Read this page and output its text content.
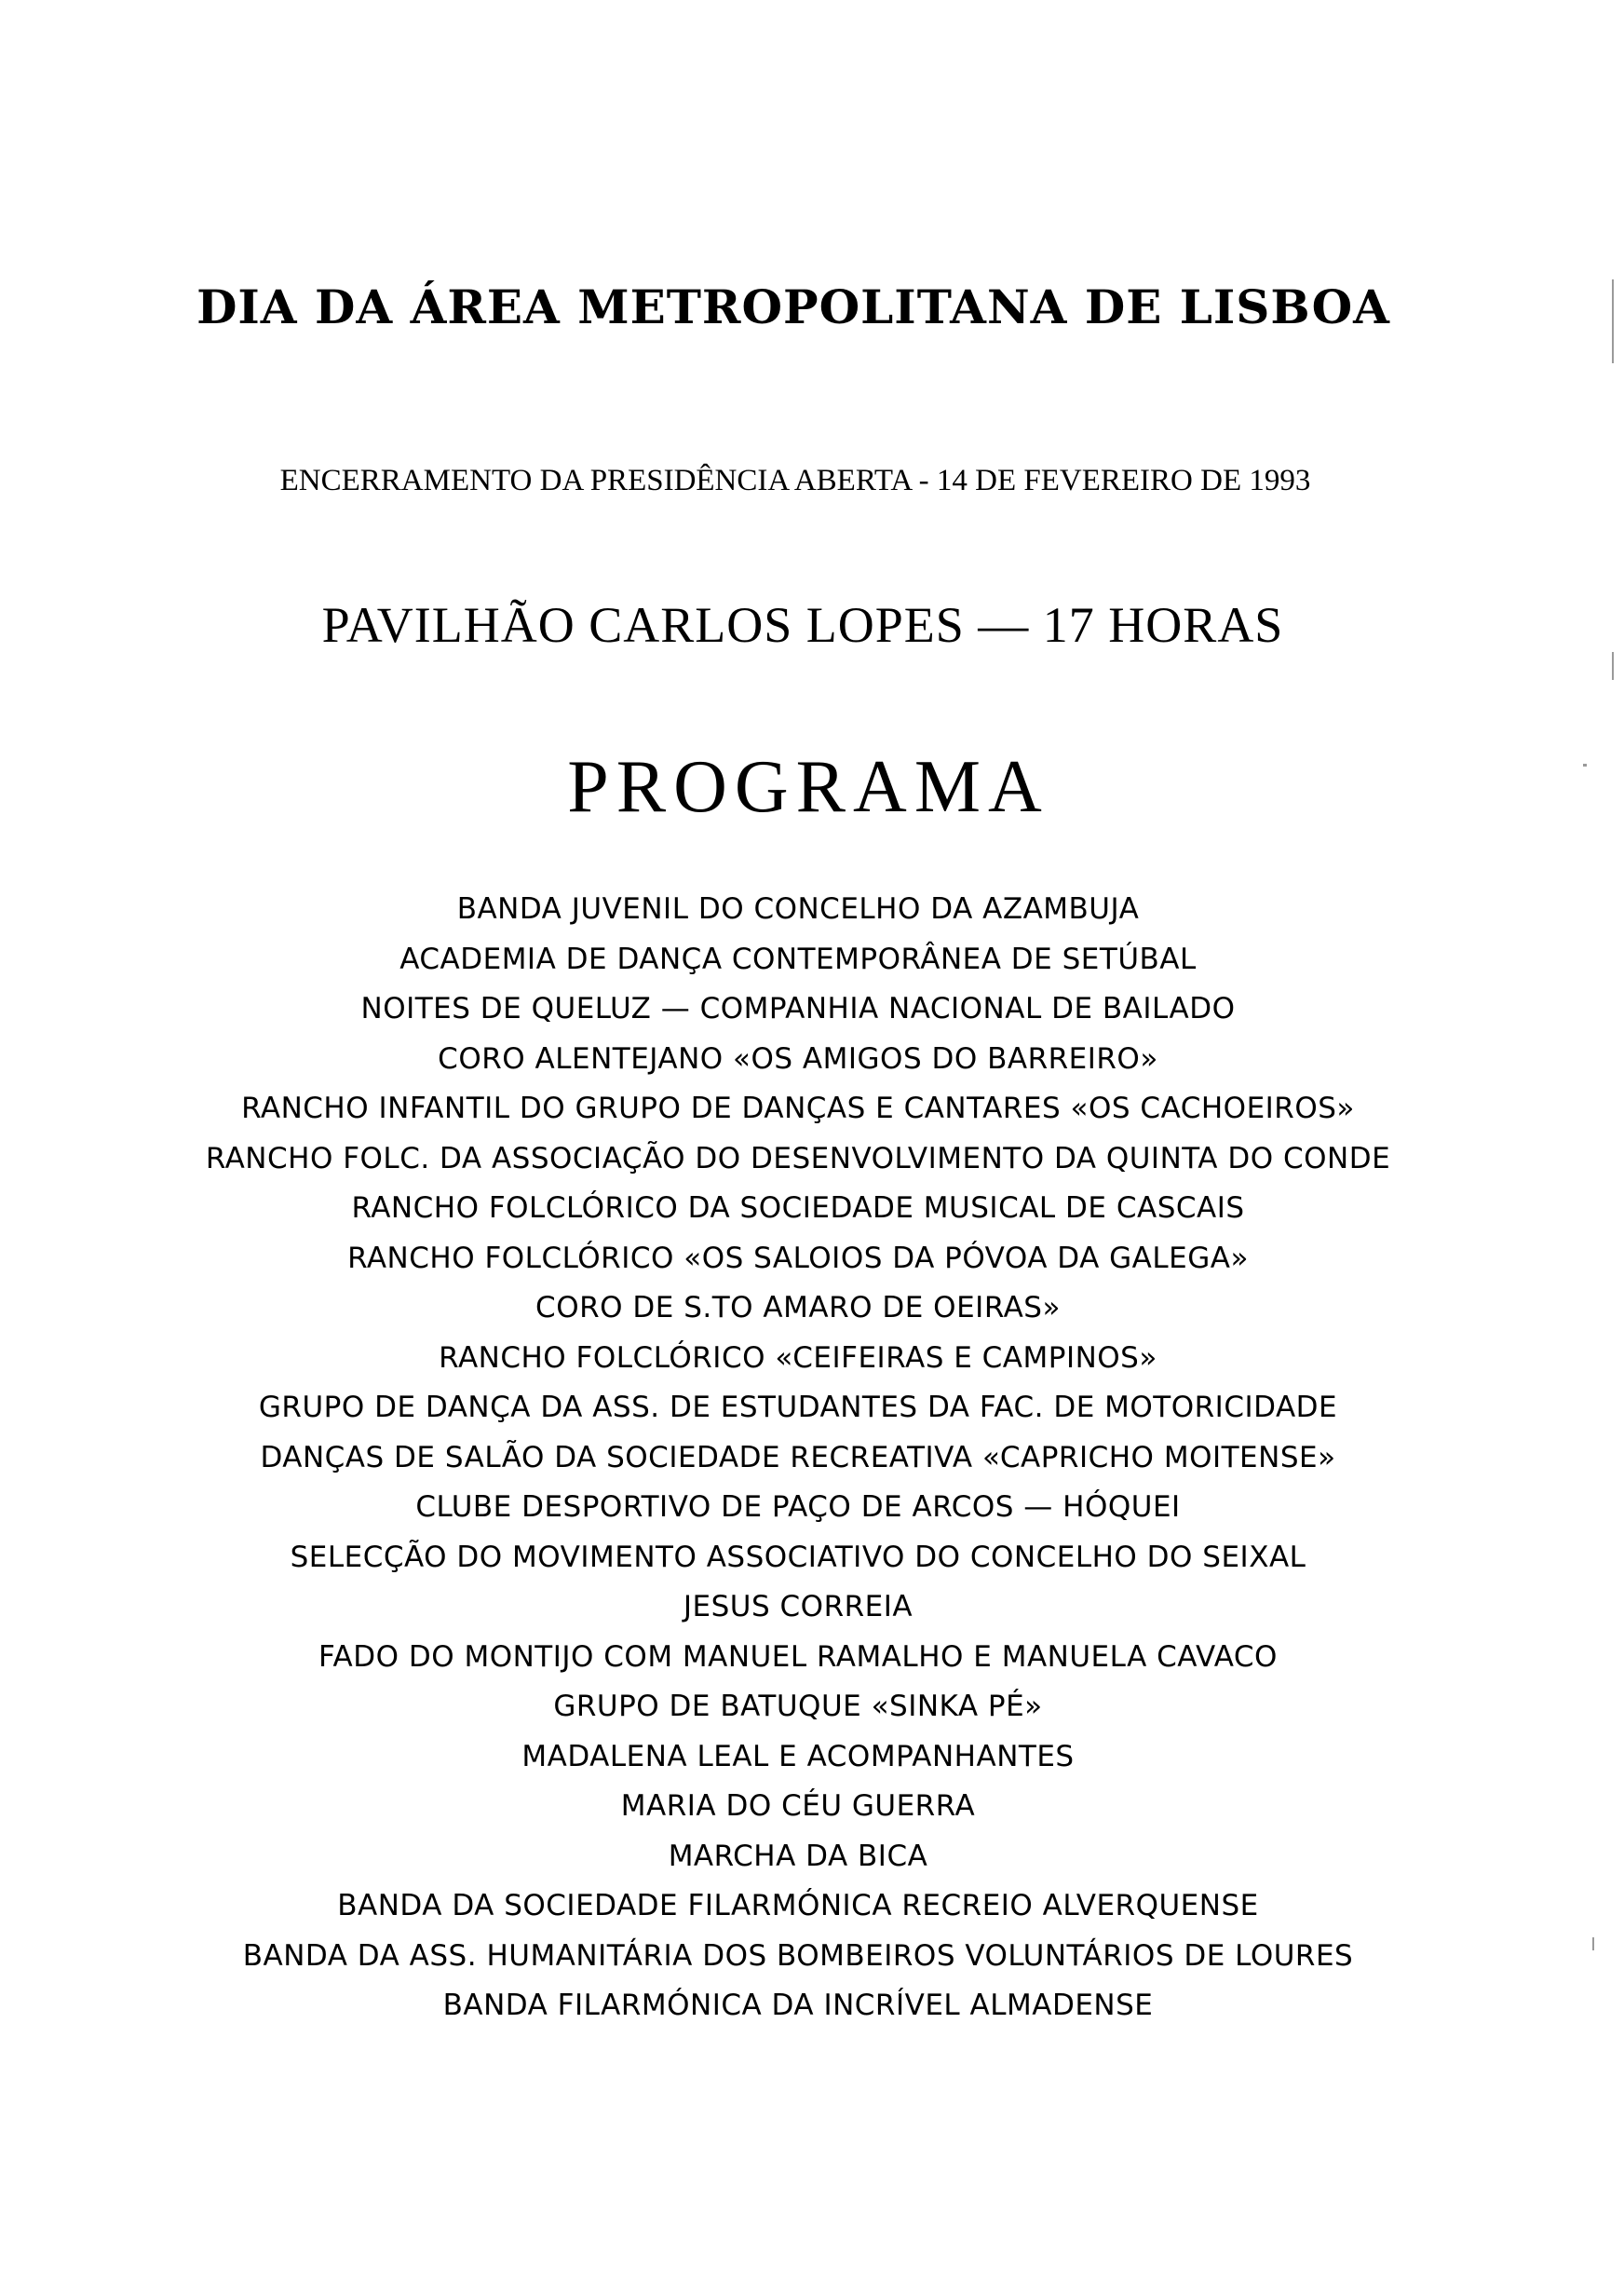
DIA DA ÁREA METROPOLITANA DE LISBOA
ENCERRAMENTO DA PRESIDÊNCIA ABERTA - 14 DE FEVEREIRO DE 1993
PAVILHÃO CARLOS LOPES — 17 HORAS
PROGRAMA
BANDA JUVENIL DO CONCELHO DA AZAMBUJA
ACADEMIA DE DANÇA CONTEMPORÂNEA DE SETÚBAL
NOITES DE QUELUZ — COMPANHIA NACIONAL DE BAILADO
CORO ALENTEJANO «OS AMIGOS DO BARREIRO»
RANCHO INFANTIL DO GRUPO DE DANÇAS E CANTARES «OS CACHOEIROS»
RANCHO FOLC. DA ASSOCIAÇÃO DO DESENVOLVIMENTO DA QUINTA DO CONDE
RANCHO FOLCLÓRICO DA SOCIEDADE MUSICAL DE CASCAIS
RANCHO FOLCLÓRICO «OS SALOIOS DA PÓVOA DA GALEGA»
CORO DE S.TO AMARO DE OEIRAS»
RANCHO FOLCLÓRICO «CEIFEIRAS E CAMPINOS»
GRUPO DE DANÇA DA ASS. DE ESTUDANTES DA FAC. DE MOTORICIDADE
DANÇAS DE SALÃO DA SOCIEDADE RECREATIVA «CAPRICHO MOITENSE»
CLUBE DESPORTIVO DE PAÇO DE ARCOS — HÓQUEI
SELECÇÃO DO MOVIMENTO ASSOCIATIVO DO CONCELHO DO SEIXAL
JESUS CORREIA
FADO DO MONTIJO COM MANUEL RAMALHO E MANUELA CAVACO
GRUPO DE BATUQUE «SINKA PÉ»
MADALENA LEAL E ACOMPANHANTES
MARIA DO CÉU GUERRA
MARCHA DA BICA
BANDA DA SOCIEDADE FILARMÓNICA RECREIO ALVERQUENSE
BANDA DA ASS. HUMANITÁRIA DOS BOMBEIROS VOLUNTÁRIOS DE LOURES
BANDA FILARMÓNICA DA INCRÍVEL ALMADENSE
